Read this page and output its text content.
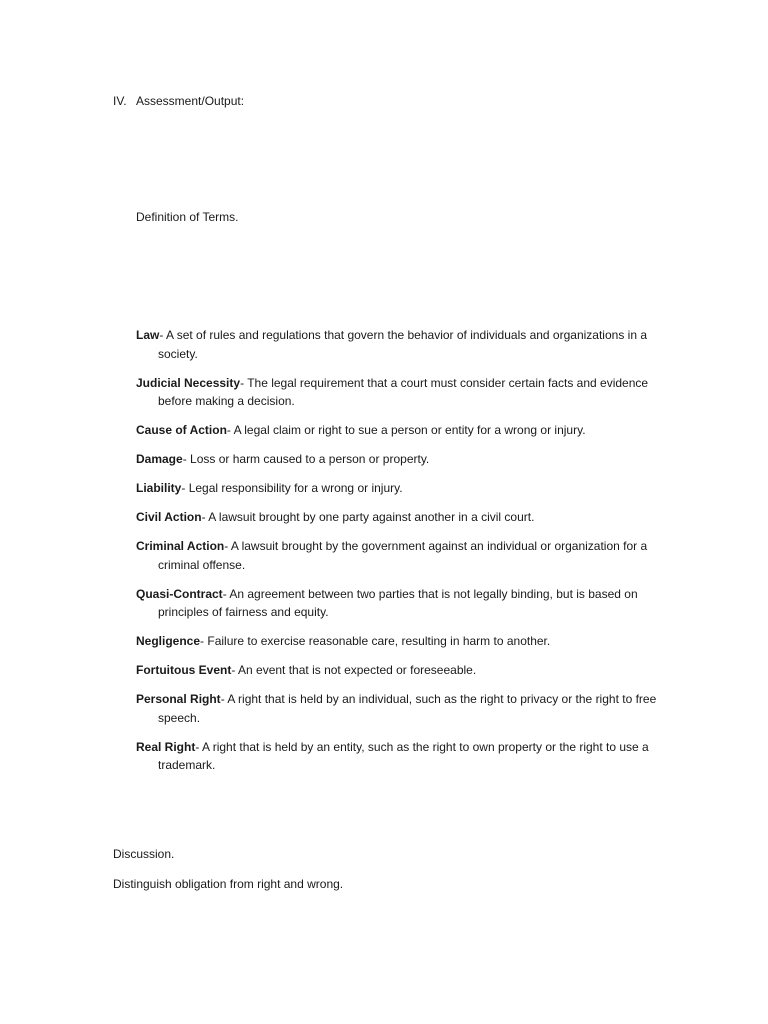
IV. Assessment/Output:
Definition of Terms.
Law- A set of rules and regulations that govern the behavior of individuals and organizations in a society.
Judicial Necessity- The legal requirement that a court must consider certain facts and evidence before making a decision.
Cause of Action- A legal claim or right to sue a person or entity for a wrong or injury.
Damage- Loss or harm caused to a person or property.
Liability- Legal responsibility for a wrong or injury.
Civil Action- A lawsuit brought by one party against another in a civil court.
Criminal Action- A lawsuit brought by the government against an individual or organization for a criminal offense.
Quasi-Contract- An agreement between two parties that is not legally binding, but is based on principles of fairness and equity.
Negligence- Failure to exercise reasonable care, resulting in harm to another.
Fortuitous Event- An event that is not expected or foreseeable.
Personal Right- A right that is held by an individual, such as the right to privacy or the right to free speech.
Real Right- A right that is held by an entity, such as the right to own property or the right to use a trademark.
Discussion.
Distinguish obligation from right and wrong.
